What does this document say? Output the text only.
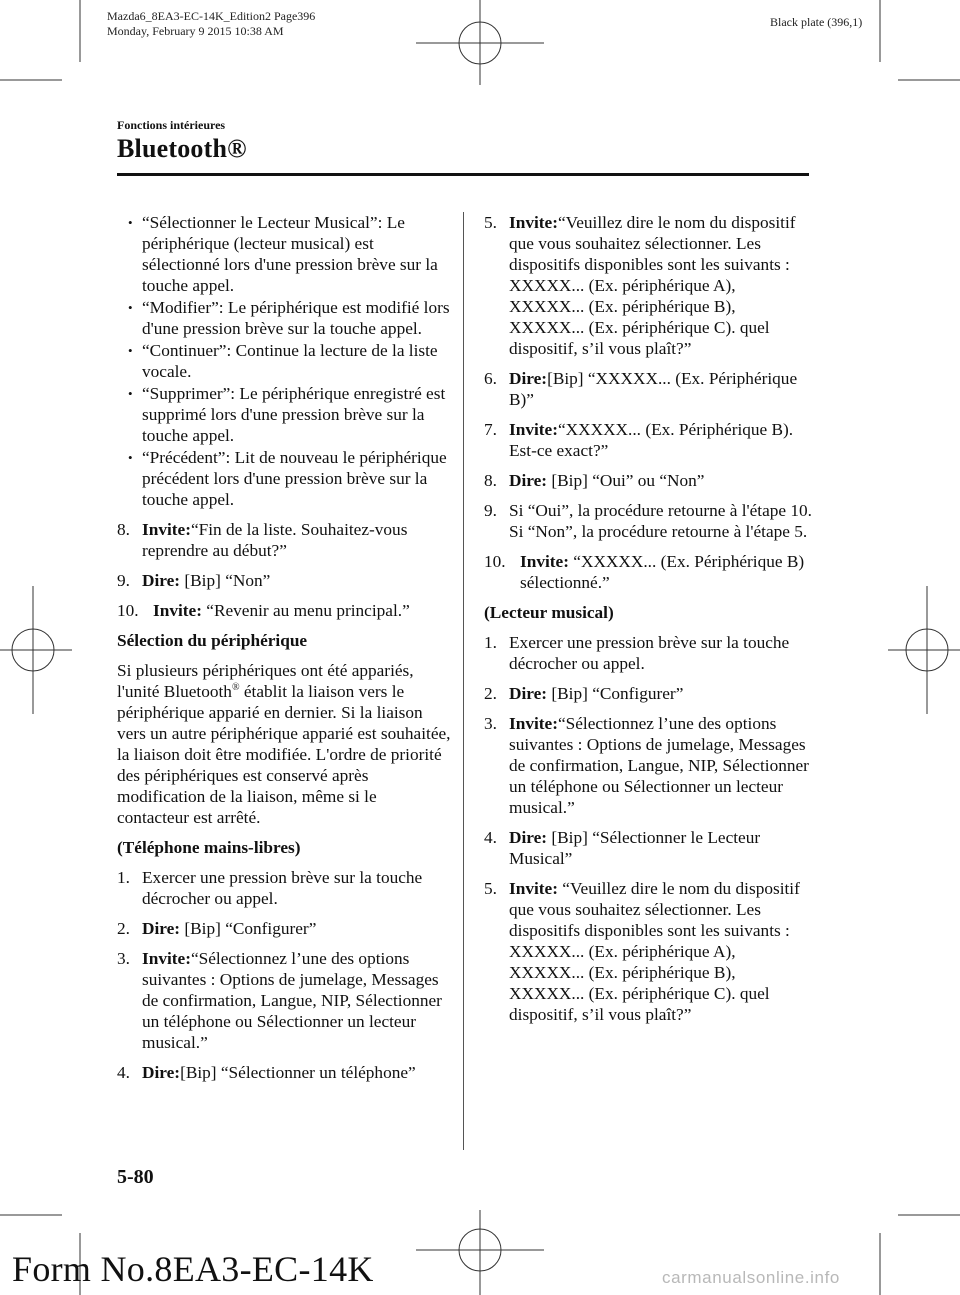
Mazda6_8EA3-EC-14K_Edition2 Page396
Monday, February 9 2015 10:38 AM
Black plate (396,1)
Fonctions intérieures
Bluetooth®
• “Sélectionner le Lecteur Musical”: Le périphérique (lecteur musical) est sélectionné lors d'une pression brève sur la touche appel.
• “Modifier”: Le périphérique est modifié lors d'une pression brève sur la touche appel.
• “Continuer”: Continue la lecture de la liste vocale.
• “Supprimer”: Le périphérique enregistré est supprimé lors d'une pression brève sur la touche appel.
• “Précédent”: Lit de nouveau le périphérique précédent lors d'une pression brève sur la touche appel.
8. Invite:“Fin de la liste. Souhaitez-vous reprendre au début?”
9. Dire: [Bip] “Non”
10. Invite: “Revenir au menu principal.”
Sélection du périphérique
Si plusieurs périphériques ont été appariés, l'unité Bluetooth® établit la liaison vers le périphérique apparié en dernier. Si la liaison vers un autre périphérique apparié est souhaitée, la liaison doit être modifiée. L'ordre de priorité des périphériques est conservé après modification de la liaison, même si le contacteur est arrêté.
(Téléphone mains-libres)
1. Exercer une pression brève sur la touche décrocher ou appel.
2. Dire: [Bip] “Configurer”
3. Invite:“Sélectionnez l’une des options suivantes : Options de jumelage, Messages de confirmation, Langue, NIP, Sélectionner un téléphone ou Sélectionner un lecteur musical.”
4. Dire:[Bip] “Sélectionner un téléphone”
5. Invite:“Veuillez dire le nom du dispositif que vous souhaitez sélectionner. Les dispositifs disponibles sont les suivants : XXXXX... (Ex. périphérique A), XXXXX... (Ex. périphérique B), XXXXX... (Ex. périphérique C). quel dispositif, s’il vous plaît?”
6. Dire:[Bip] “XXXXX... (Ex. Périphérique B)”
7. Invite:“XXXXX... (Ex. Périphérique B). Est-ce exact?”
8. Dire: [Bip] “Oui” ou “Non”
9. Si “Oui”, la procédure retourne à l'étape 10. Si “Non”, la procédure retourne à l'étape 5.
10. Invite: “XXXXX... (Ex. Périphérique B) sélectionné.”
(Lecteur musical)
1. Exercer une pression brève sur la touche décrocher ou appel.
2. Dire: [Bip] “Configurer”
3. Invite:“Sélectionnez l’une des options suivantes : Options de jumelage, Messages de confirmation, Langue, NIP, Sélectionner un téléphone ou Sélectionner un lecteur musical.”
4. Dire: [Bip] “Sélectionner le Lecteur Musical”
5. Invite: “Veuillez dire le nom du dispositif que vous souhaitez sélectionner. Les dispositifs disponibles sont les suivants : XXXXX... (Ex. périphérique A), XXXXX... (Ex. périphérique B), XXXXX... (Ex. périphérique C). quel dispositif, s’il vous plaît?”
5-80
Form No.8EA3-EC-14K	carmanualsonline.info
